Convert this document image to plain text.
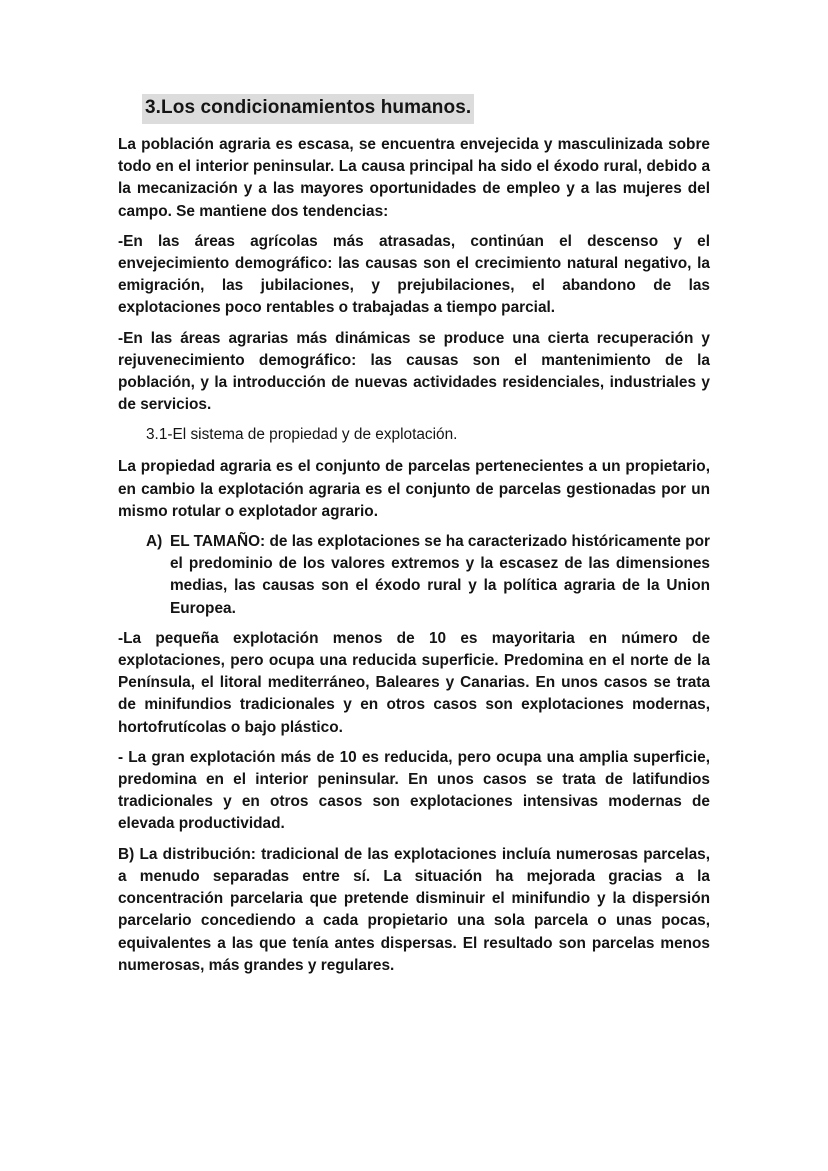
3.Los condicionamientos humanos.

La población agraria es escasa, se encuentra envejecida y masculinizada sobre todo en el interior peninsular. La causa principal ha sido el éxodo rural, debido a la mecanización y a las mayores oportunidades de empleo y a las mujeres del campo. Se mantiene dos tendencias:

-En las áreas agrícolas más atrasadas, continúan el descenso y el envejecimiento demográfico: las causas son el crecimiento natural negativo, la emigración, las jubilaciones, y prejubilaciones, el abandono de las explotaciones poco rentables o trabajadas a tiempo parcial.

-En las áreas agrarias más dinámicas se produce una cierta recuperación y rejuvenecimiento demográfico: las causas son el mantenimiento de la población, y la introducción de nuevas actividades residenciales, industriales y de servicios.

3.1-El sistema de propiedad y de explotación.

La propiedad agraria es el conjunto de parcelas pertenecientes a un propietario, en cambio la explotación agraria es el conjunto de parcelas gestionadas por un mismo rotular o explotador agrario.

A) EL TAMAÑO: de las explotaciones se ha caracterizado históricamente por el predominio de los valores extremos y la escasez de las dimensiones medias, las causas son el éxodo rural y la política agraria de la Union Europea.

-La pequeña explotación menos de 10 es mayoritaria en número de explotaciones, pero ocupa una reducida superficie. Predomina en el norte de la Península, el litoral mediterráneo, Baleares y Canarias. En unos casos se trata de minifundios tradicionales y en otros casos son explotaciones modernas, hortofrutícolas o bajo plástico.

- La gran explotación más de 10 es reducida, pero ocupa una amplia superficie, predomina en el interior peninsular. En unos casos se trata de latifundios tradicionales y en otros casos son explotaciones intensivas modernas de elevada productividad.

B) La distribución: tradicional de las explotaciones incluía numerosas parcelas, a menudo separadas entre sí. La situación ha mejorada gracias a la concentración parcelaria que pretende disminuir el minifundio y la dispersión parcelario concediendo a cada propietario una sola parcela o unas pocas, equivalentes a las que tenía antes dispersas. El resultado son parcelas menos numerosas, más grandes y regulares.
